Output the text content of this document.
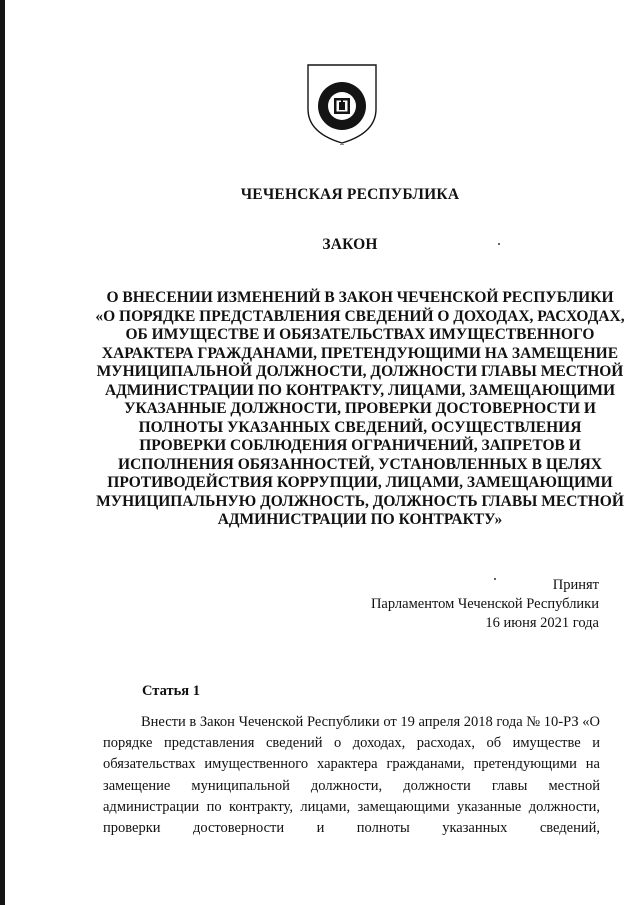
ЧЕЧЕНСКАЯ РЕСПУБЛИКА
ЗАКОН
О ВНЕСЕНИИ ИЗМЕНЕНИЙ В ЗАКОН ЧЕЧЕНСКОЙ РЕСПУБЛИКИ «О ПОРЯДКЕ ПРЕДСТАВЛЕНИЯ СВЕДЕНИЙ О ДОХОДАХ, РАСХОДАХ, ОБ ИМУЩЕСТВЕ И ОБЯЗАТЕЛЬСТВАХ ИМУЩЕСТВЕННОГО ХАРАКТЕРА ГРАЖДАНАМИ, ПРЕТЕНДУЮЩИМИ НА ЗАМЕЩЕНИЕ МУНИЦИПАЛЬНОЙ ДОЛЖНОСТИ, ДОЛЖНОСТИ ГЛАВЫ МЕСТНОЙ АДМИНИСТРАЦИИ ПО КОНТРАКТУ, ЛИЦАМИ, ЗАМЕЩАЮЩИМИ УКАЗАННЫЕ ДОЛЖНОСТИ, ПРОВЕРКИ ДОСТОВЕРНОСТИ И ПОЛНОТЫ УКАЗАННЫХ СВЕДЕНИЙ, ОСУЩЕСТВЛЕНИЯ ПРОВЕРКИ СОБЛЮДЕНИЯ ОГРАНИЧЕНИЙ, ЗАПРЕТОВ И ИСПОЛНЕНИЯ ОБЯЗАННОСТЕЙ, УСТАНОВЛЕННЫХ В ЦЕЛЯХ ПРОТИВОДЕЙСТВИЯ КОРРУПЦИИ, ЛИЦАМИ, ЗАМЕЩАЮЩИМИ МУНИЦИПАЛЬНУЮ ДОЛЖНОСТЬ, ДОЛЖНОСТЬ ГЛАВЫ МЕСТНОЙ АДМИНИСТРАЦИИ ПО КОНТРАКТУ»

Принят
Парламентом Чеченской Республики
16 июня 2021 года

Статья 1

Внести в Закон Чеченской Республики от 19 апреля 2018 года № 10-РЗ «О порядке представления сведений о доходах, расходах, об имуществе и обязательствах имущественного характера гражданами, претендующими на замещение муниципальной должности, должности главы местной администрации по контракту, лицами, замещающими указанные должности, проверки достоверности и полноты указанных сведений,
